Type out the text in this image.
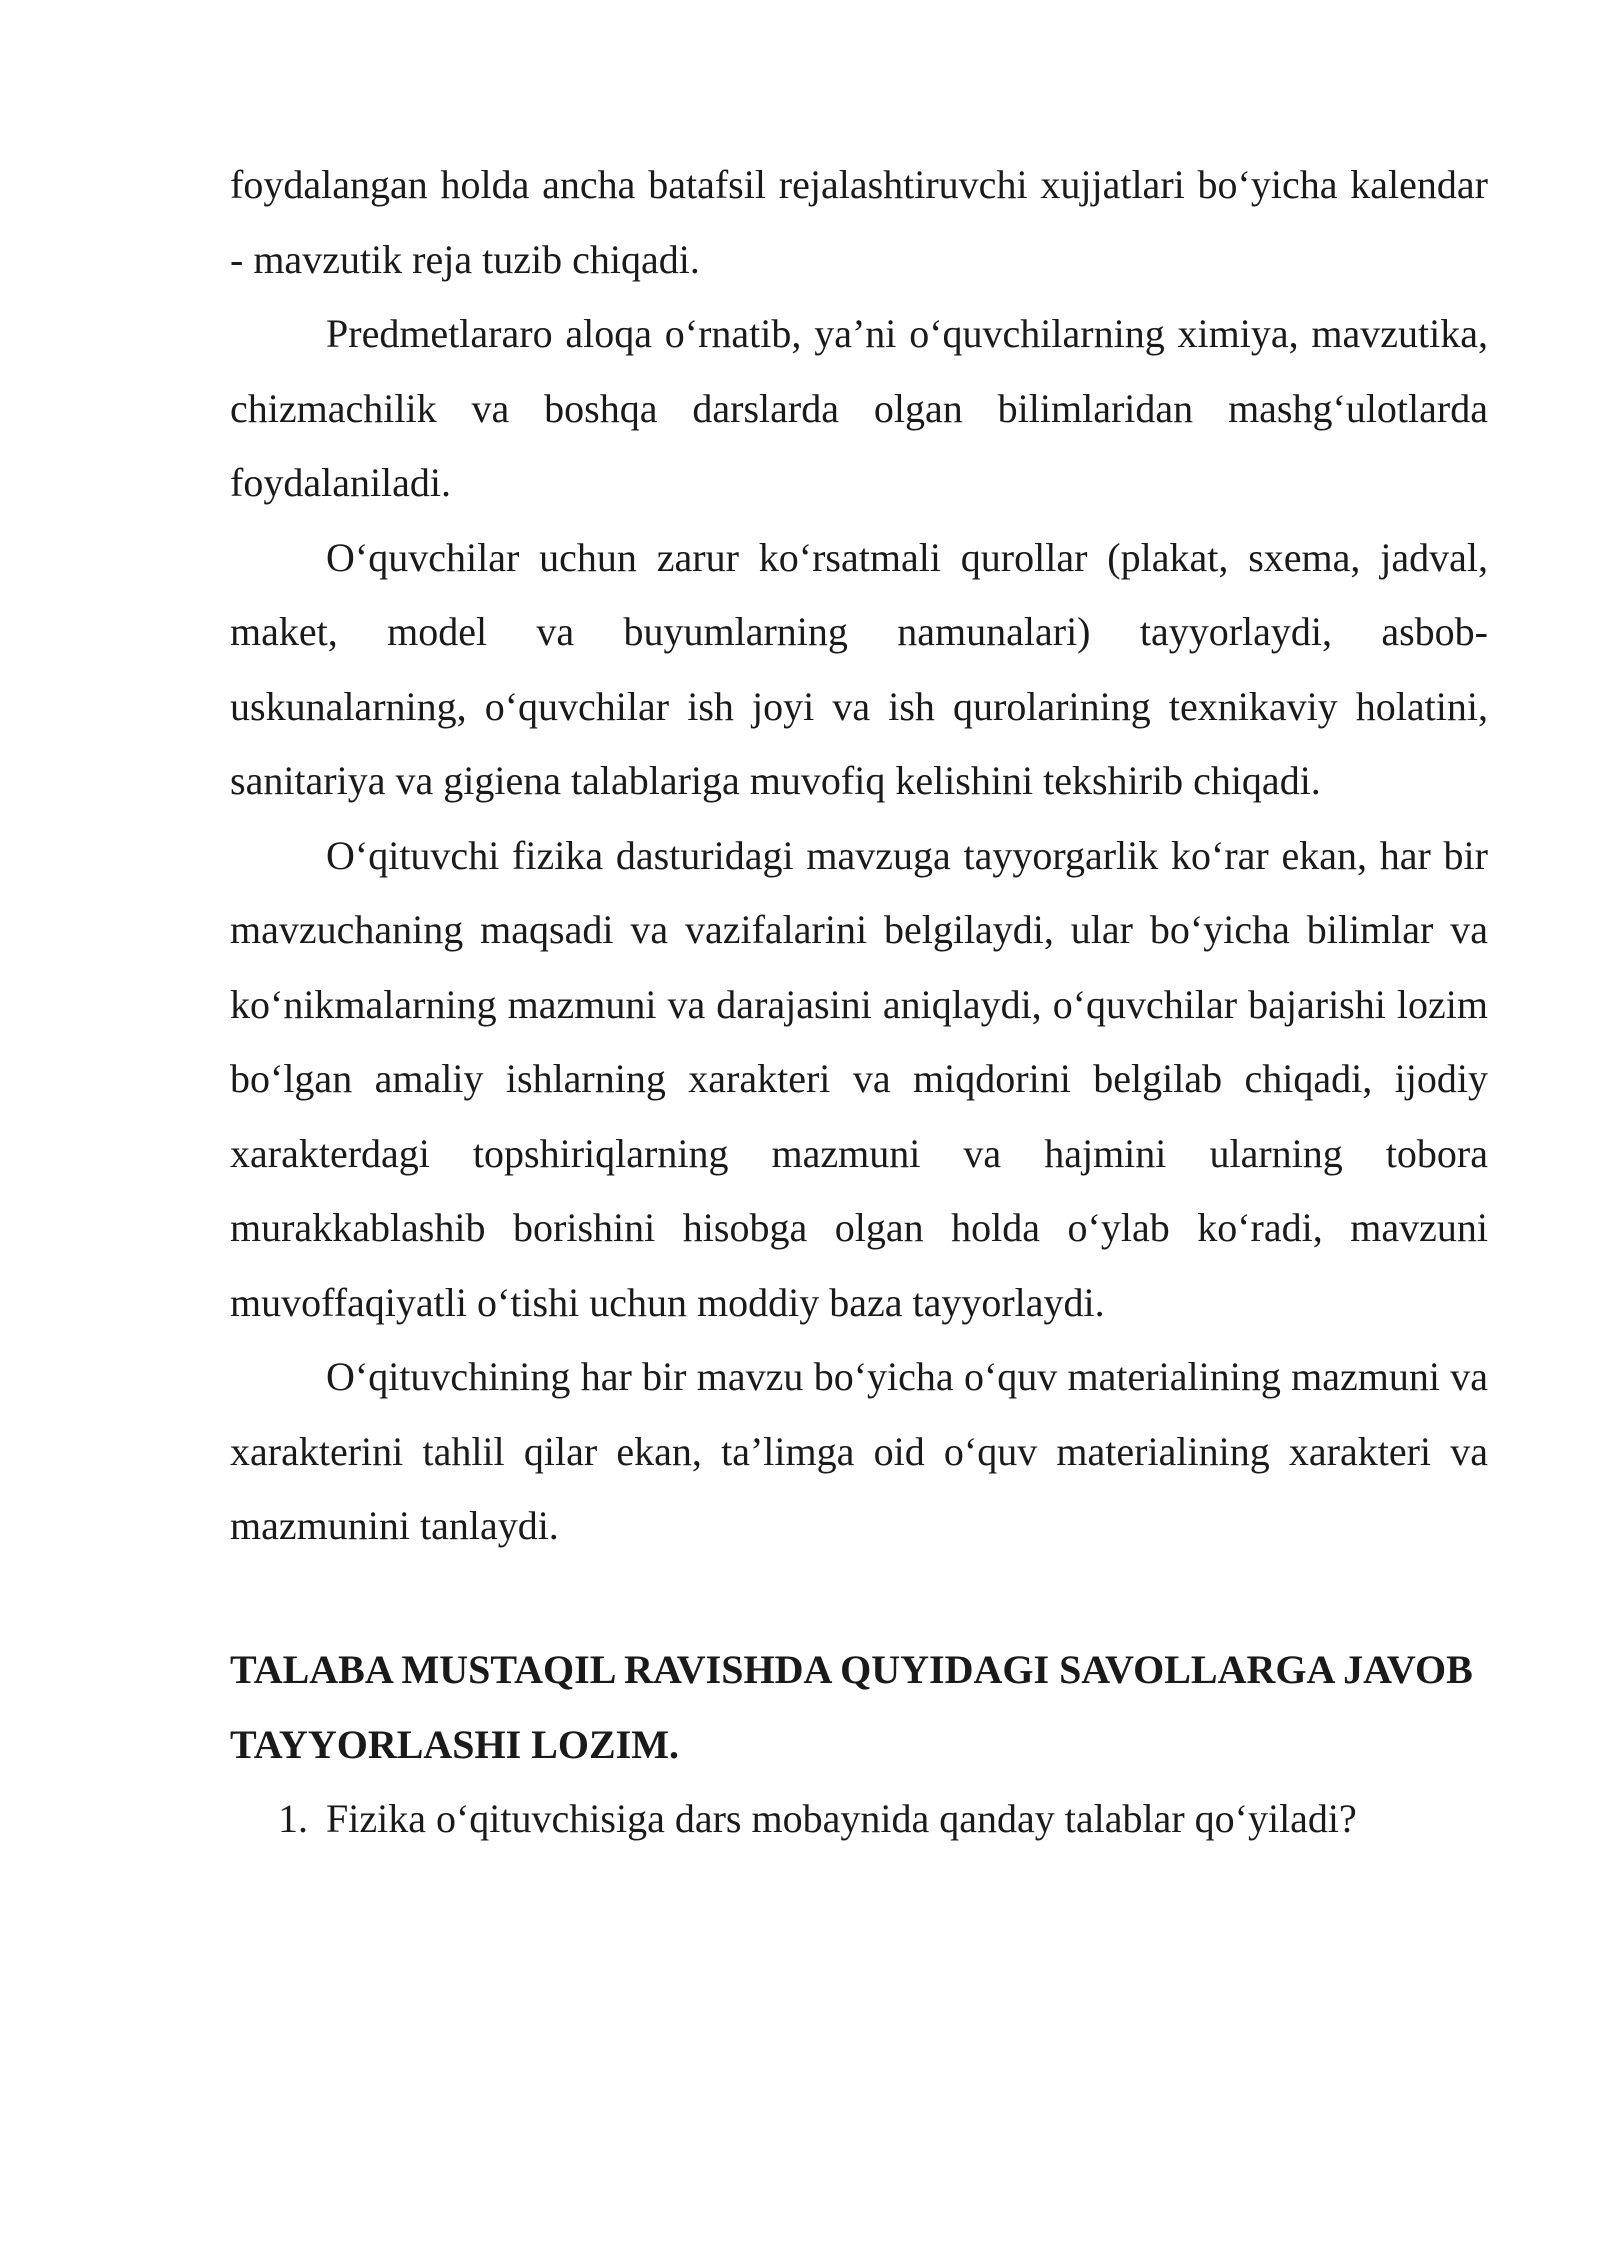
foydalangan holda ancha batafsil rejalashtiruvchi xujjatlari bo‘yicha kalendar - mavzutik reja tuzib chiqadi.

Predmetlararo aloqa o‘rnatib, ya’ni o‘quvchilarning ximiya, mavzutika, chizmachilik va boshqa darslarda olgan bilimlaridan mashg‘ulotlarda foydalaniladi.

O‘quvchilar uchun zarur ko‘rsatmali qurollar (plakat, sxema, jadval, maket, model va buyumlarning namunalari) tayyorlaydi, asbob-uskunalarning, o‘quvchilar ish joyi va ish qurolarining texnikaviy holatini, sanitariya va gigiena talablariga muvofiq kelishini tekshirib chiqadi.

O‘qituvchi fizika dasturidagi mavzuga tayyorgarlik ko‘rar ekan, har bir mavzuchaning maqsadi va vazifalarini belgilaydi, ular bo‘yicha bilimlar va ko‘nikmalarning mazmuni va darajasini aniqlaydi, o‘quvchilar bajarishi lozim bo‘lgan amaliy ishlarning xarakteri va miqdorini belgilab chiqadi, ijodiy xarakterdagi topshiriqlarning mazmuni va hajmini ularning tobora murakkablashib borishini hisobga olgan holda o‘ylab ko‘radi, mavzuni muvoffaqiyatli o‘tishi uchun moddiy baza tayyorlaydi.

O‘qituvchining har bir mavzu bo‘yicha o‘quv materialining mazmuni va xarakterini tahlil qilar ekan, ta’limga oid o‘quv materialining xarakteri va mazmunini tanlaydi.

TALABA MUSTAQIL RAVISHDA QUYIDAGI SAVOLLARGA JAVOB TAYYORLASHI LOZIM.
1. Fizika o‘qituvchisiga dars mobaynida qanday talablar qo‘yiladi?
